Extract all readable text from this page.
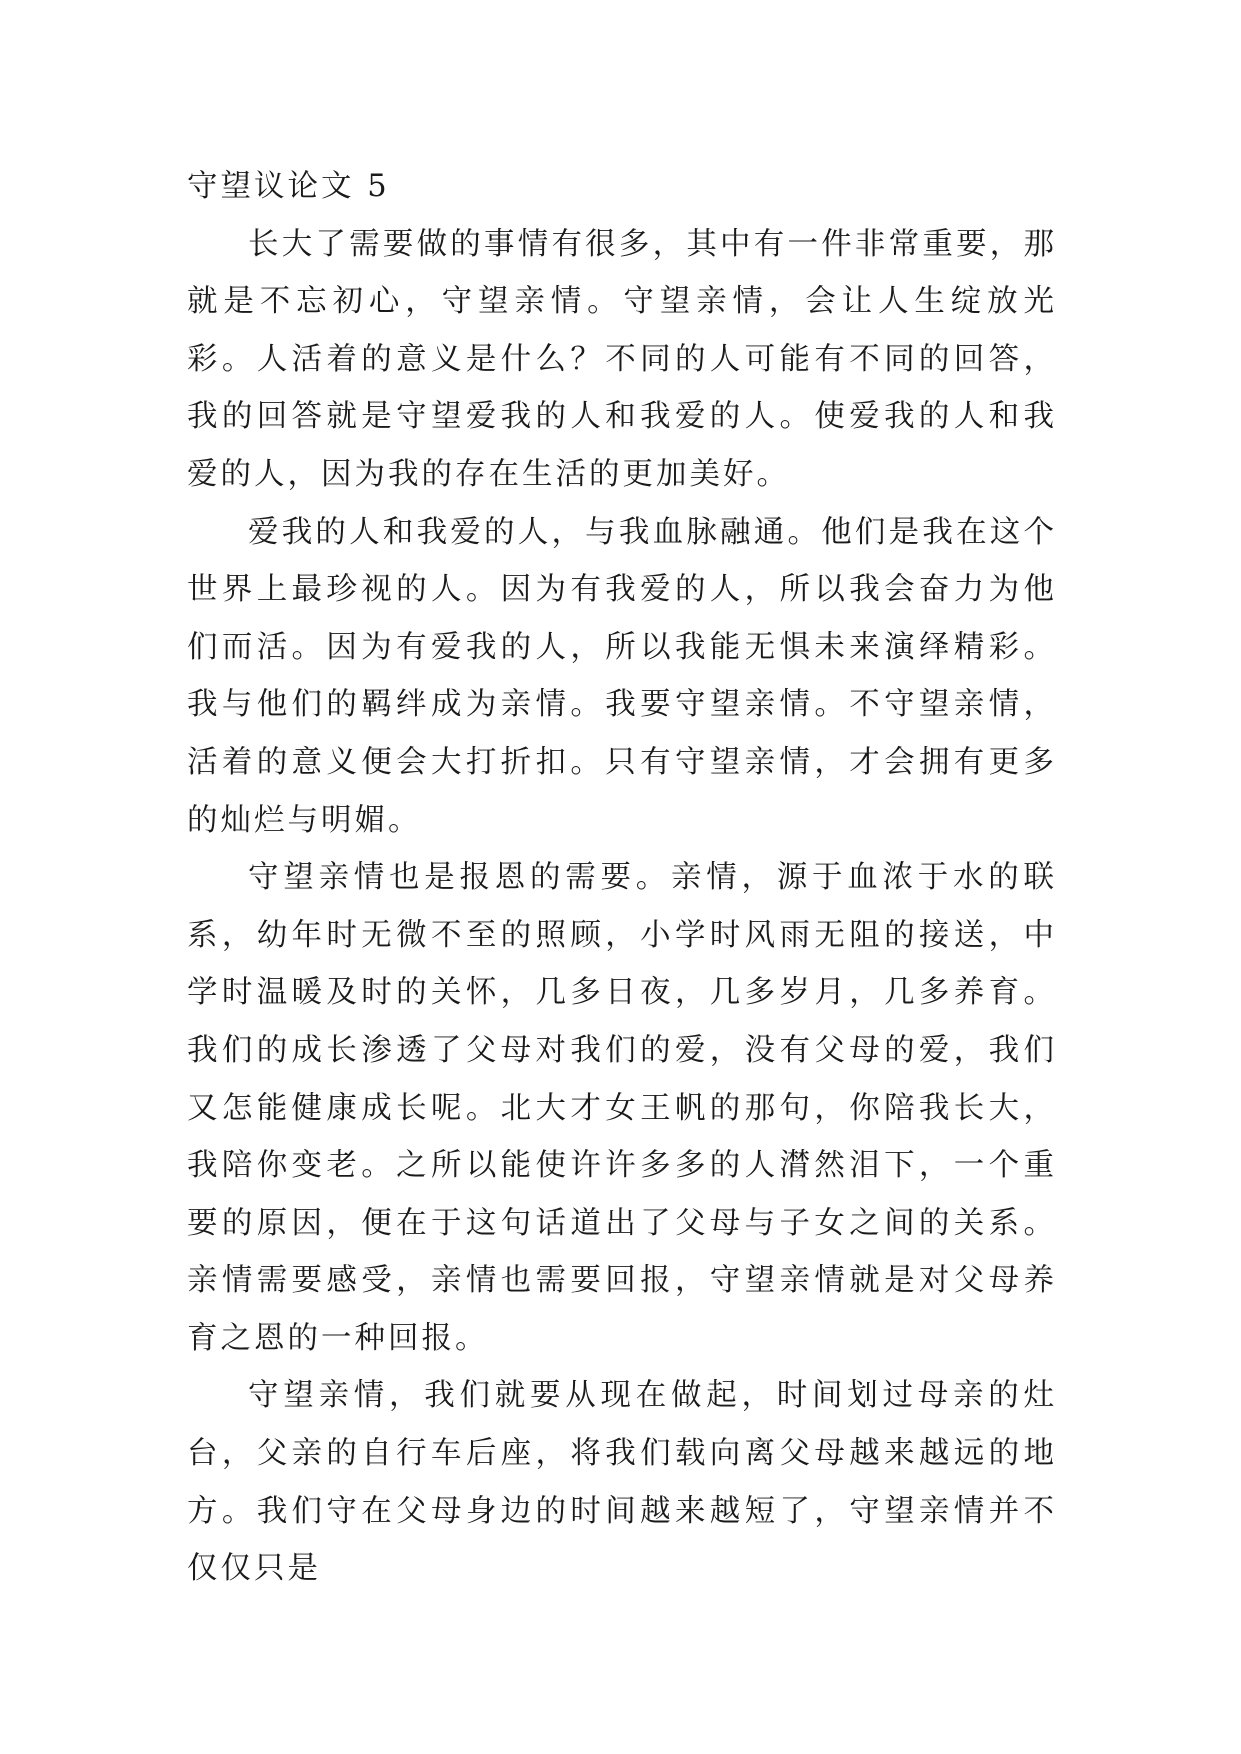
守望议论文 5

长大了需要做的事情有很多，其中有一件非常重要，那就是不忘初心，守望亲情。守望亲情，会让人生绽放光彩。人活着的意义是什么？不同的人可能有不同的回答，我的回答就是守望爱我的人和我爱的人。使爱我的人和我爱的人，因为我的存在生活的更加美好。

爱我的人和我爱的人，与我血脉融通。他们是我在这个世界上最珍视的人。因为有我爱的人，所以我会奋力为他们而活。因为有爱我的人，所以我能无惧未来演绎精彩。我与他们的羁绊成为亲情。我要守望亲情。不守望亲情，活着的意义便会大打折扣。只有守望亲情，才会拥有更多的灿烂与明媚。

守望亲情也是报恩的需要。亲情，源于血浓于水的联系，幼年时无微不至的照顾，小学时风雨无阻的接送，中学时温暖及时的关怀，几多日夜，几多岁月，几多养育。我们的成长渗透了父母对我们的爱，没有父母的爱，我们又怎能健康成长呢。北大才女王帆的那句，你陪我长大，我陪你变老。之所以能使许许多多的人潸然泪下，一个重要的原因，便在于这句话道出了父母与子女之间的关系。亲情需要感受，亲情也需要回报，守望亲情就是对父母养育之恩的一种回报。

守望亲情，我们就要从现在做起，时间划过母亲的灶台，父亲的自行车后座，将我们载向离父母越来越远的地方。我们守在父母身边的时间越来越短了，守望亲情并不仅仅只是
